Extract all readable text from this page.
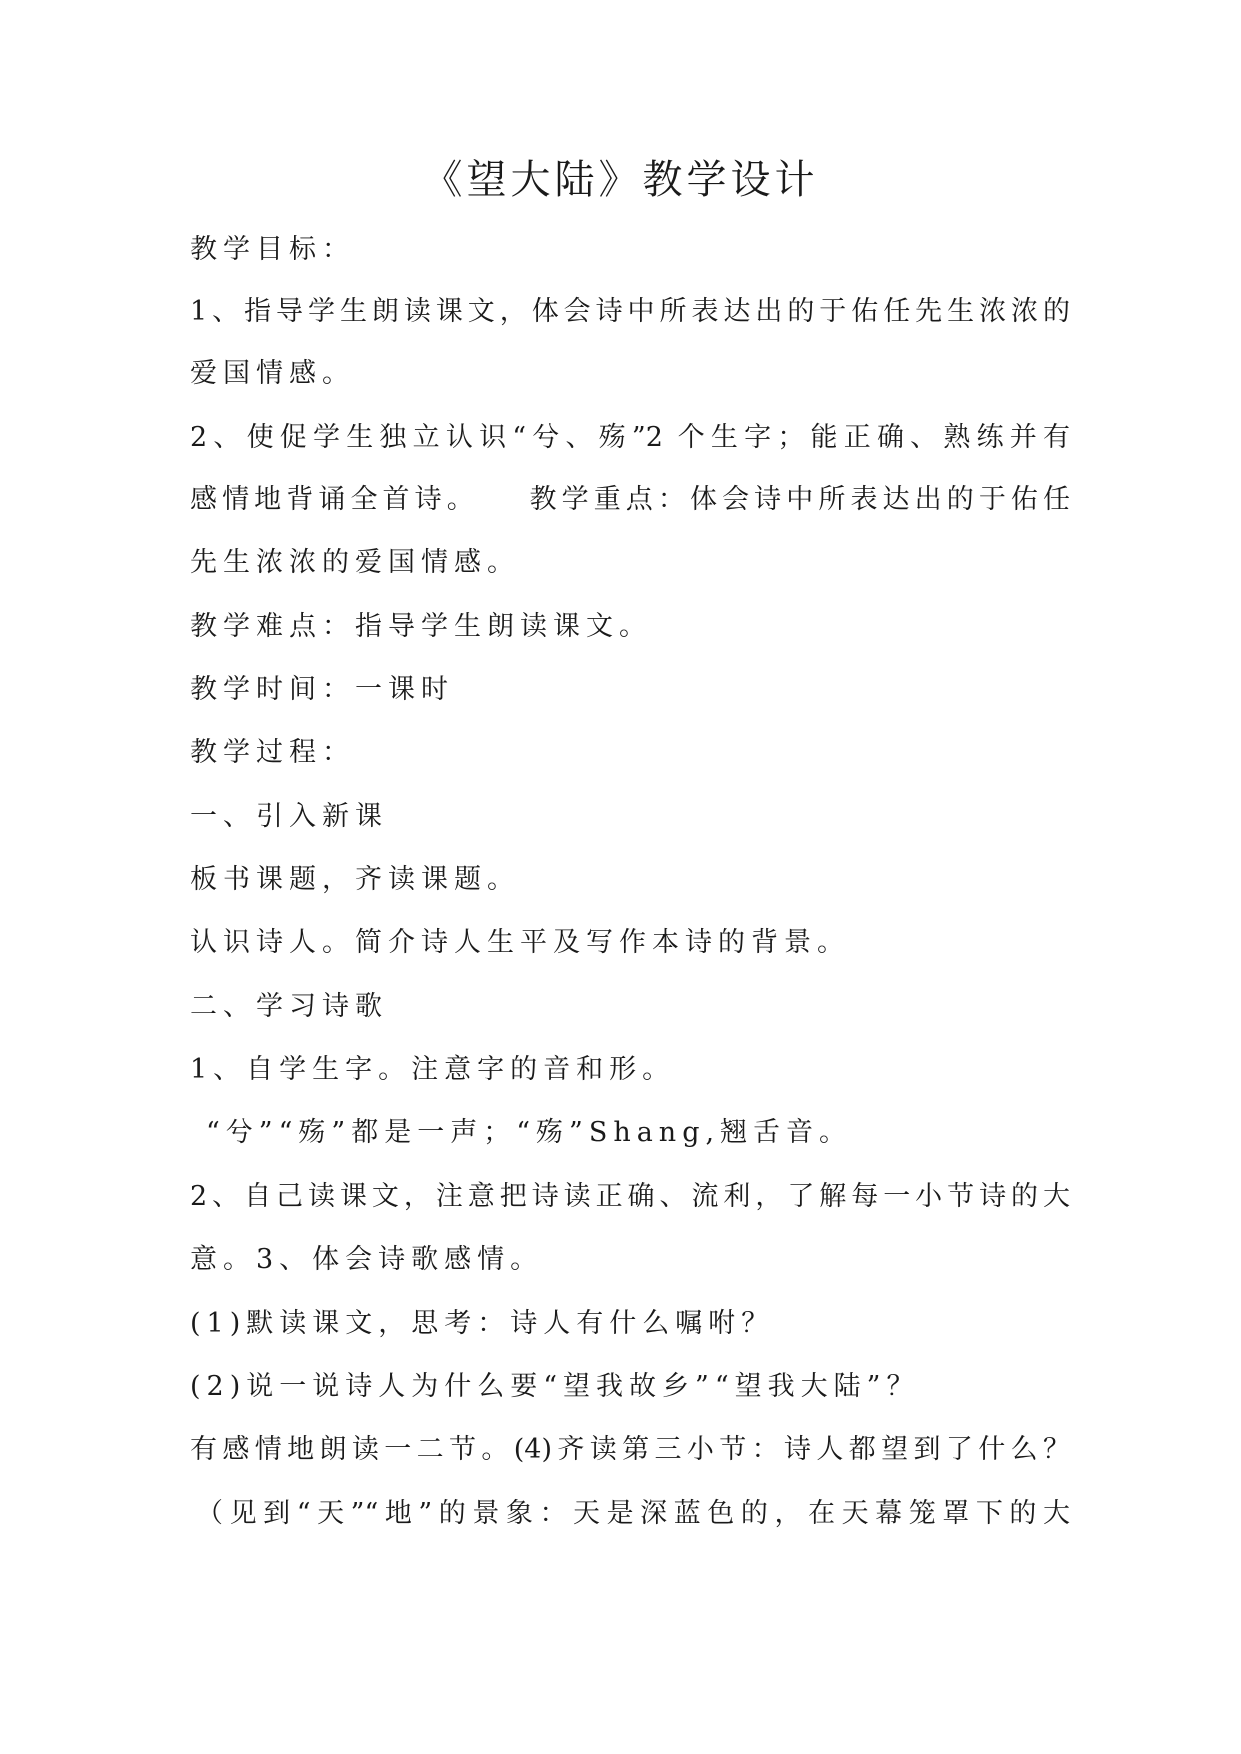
《望大陆》教学设计
教学目标：
1、指导学生朗读课文，体会诗中所表达出的于佑任先生浓浓的
爱国情感。
2、使促学生独立认识“兮、殇”2 个生字；能正确、熟练并有
感情地背诵全首诗。　　教学重点：体会诗中所表达出的于佑任
先生浓浓的爱国情感。
教学难点：指导学生朗读课文。
教学时间：一课时
教学过程：
一、引入新课
板书课题，齐读课题。
认识诗人。简介诗人生平及写作本诗的背景。
二、学习诗歌
1、自学生字。注意字的音和形。
“兮”“殇”都是一声；“殇”Shang,翘舌音。
2、自己读课文，注意把诗读正确、流利，了解每一小节诗的大
意。3、体会诗歌感情。
(1)默读课文，思考：诗人有什么嘱咐？
(2)说一说诗人为什么要“望我故乡”“望我大陆”？
有感情地朗读一二节。(4)齐读第三小节：诗人都望到了什么？
（见到“天”“地”的景象：天是深蓝色的，在天幕笼罩下的大
